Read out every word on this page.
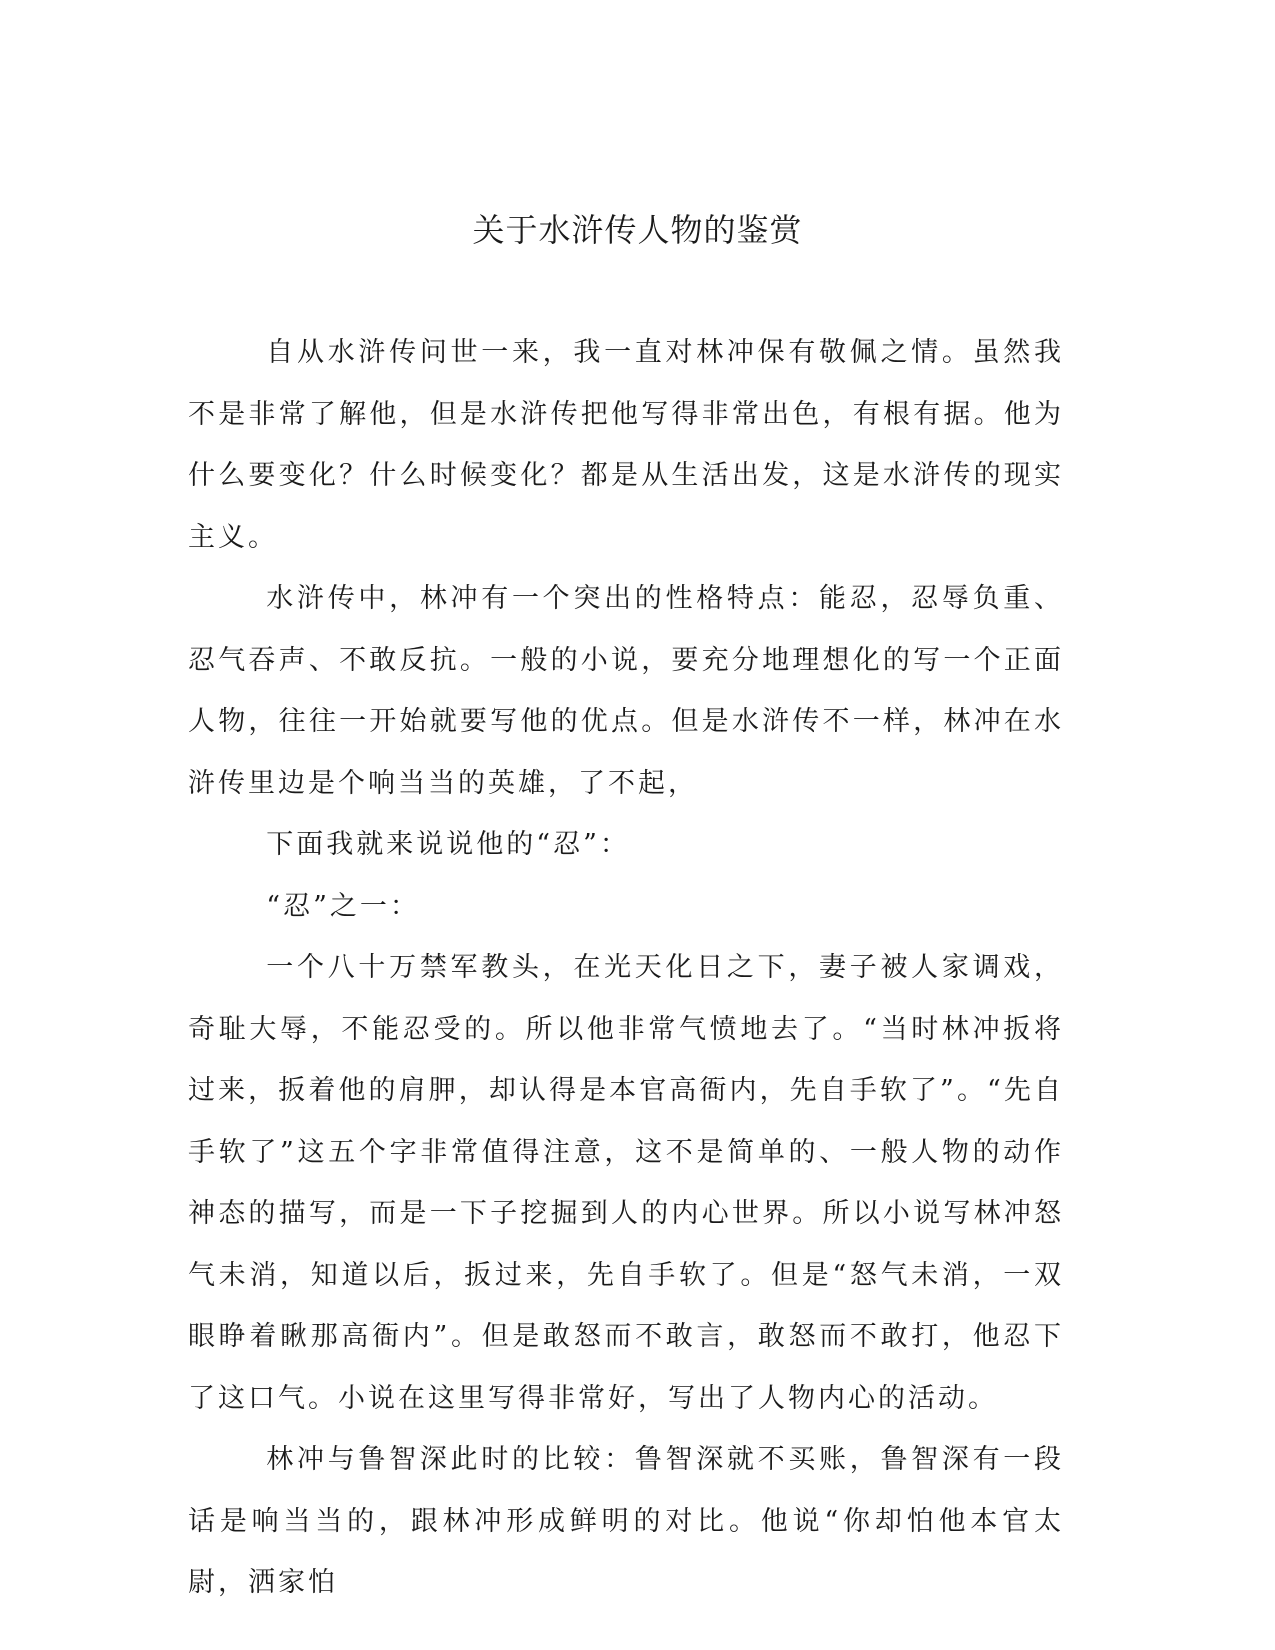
关于水浒传人物的鉴赏

自从水浒传问世一来，我一直对林冲保有敬佩之情。虽然我不是非常了解他，但是水浒传把他写得非常出色，有根有据。他为什么要变化？什么时候变化？都是从生活出发，这是水浒传的现实主义。

水浒传中，林冲有一个突出的性格特点：能忍，忍辱负重、忍气吞声、不敢反抗。一般的小说，要充分地理想化的写一个正面人物，往往一开始就要写他的优点。但是水浒传不一样，林冲在水浒传里边是个响当当的英雄，了不起，

下面我就来说说他的“忍”：

“忍”之一：

一个八十万禁军教头，在光天化日之下，妻子被人家调戏，奇耻大辱，不能忍受的。所以他非常气愤地去了。“当时林冲扳将过来，扳着他的肩胛，却认得是本官高衙内，先自手软了”。“先自手软了”这五个字非常值得注意，这不是简单的、一般人物的动作神态的描写，而是一下子挖掘到人的内心世界。所以小说写林冲怒气未消，知道以后，扳过来，先自手软了。但是“怒气未消，一双眼睁着瞅那高衙内”。但是敢怒而不敢言，敢怒而不敢打，他忍下了这口气。小说在这里写得非常好，写出了人物内心的活动。

林冲与鲁智深此时的比较：鲁智深就不买账，鲁智深有一段话是响当当的，跟林冲形成鲜明的对比。他说“你却怕他本官太尉，洒家怕
